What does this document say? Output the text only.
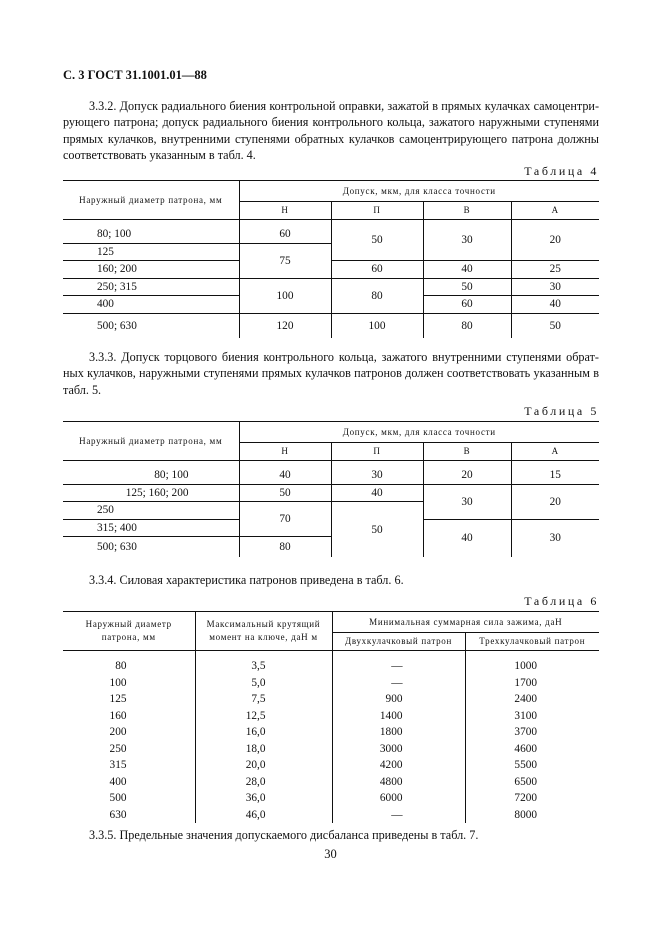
С. 3 ГОСТ 31.1001.01—88
3.3.2. Допуск радиального биения контрольной оправки, зажатой в прямых кулачках самоцентри-рующего патрона; допуск радиального биения контрольного кольца, зажатого наружными ступенями прямых кулачков, внутренними ступенями обратных кулачков самоцентрирующего патрона должны соответствовать указанным в табл. 4.
Таблица 4
Наружный диаметр патрона, мм	Допуск, мкм, для класса точности			
	Н	П	В	А
80; 100	60	50	30	20
125	75			
160; 200		60	40	25
250; 315	100	80	50	30
400			60	40
500; 630	120	100	80	50
3.3.3. Допуск торцового биения контрольного кольца, зажатого внутренними ступенями обрат-ных кулачков, наружными ступенями прямых кулачков патронов должен соответствовать указанным в табл. 5.
Таблица 5
Наружный диаметр патрона, мм	Допуск, мкм, для класса точности			
	Н	П	В	А
80; 100	40	30	20	15
125; 160; 200	50	40	30	20
250	70	50		
315; 400			40	30
500; 630	80			
3.3.4. Силовая характеристика патронов приведена в табл. 6.
Таблица 6
Наружный диаметр патрона, мм	Максимальный крутящий момент на ключе, даН м	Минимальная суммарная сила зажима, даН	
		Двухкулачковый патрон	Трехкулачковый патрон
80	3,5	—	1000
100	5,0	—	1700
125	7,5	900	2400
160	12,5	1400	3100
200	16,0	1800	3700
250	18,0	3000	4600
315	20,0	4200	5500
400	28,0	4800	6500
500	36,0	6000	7200
630	46,0	—	8000
3.3.5. Предельные значения допускаемого дисбаланса приведены в табл. 7.
30
